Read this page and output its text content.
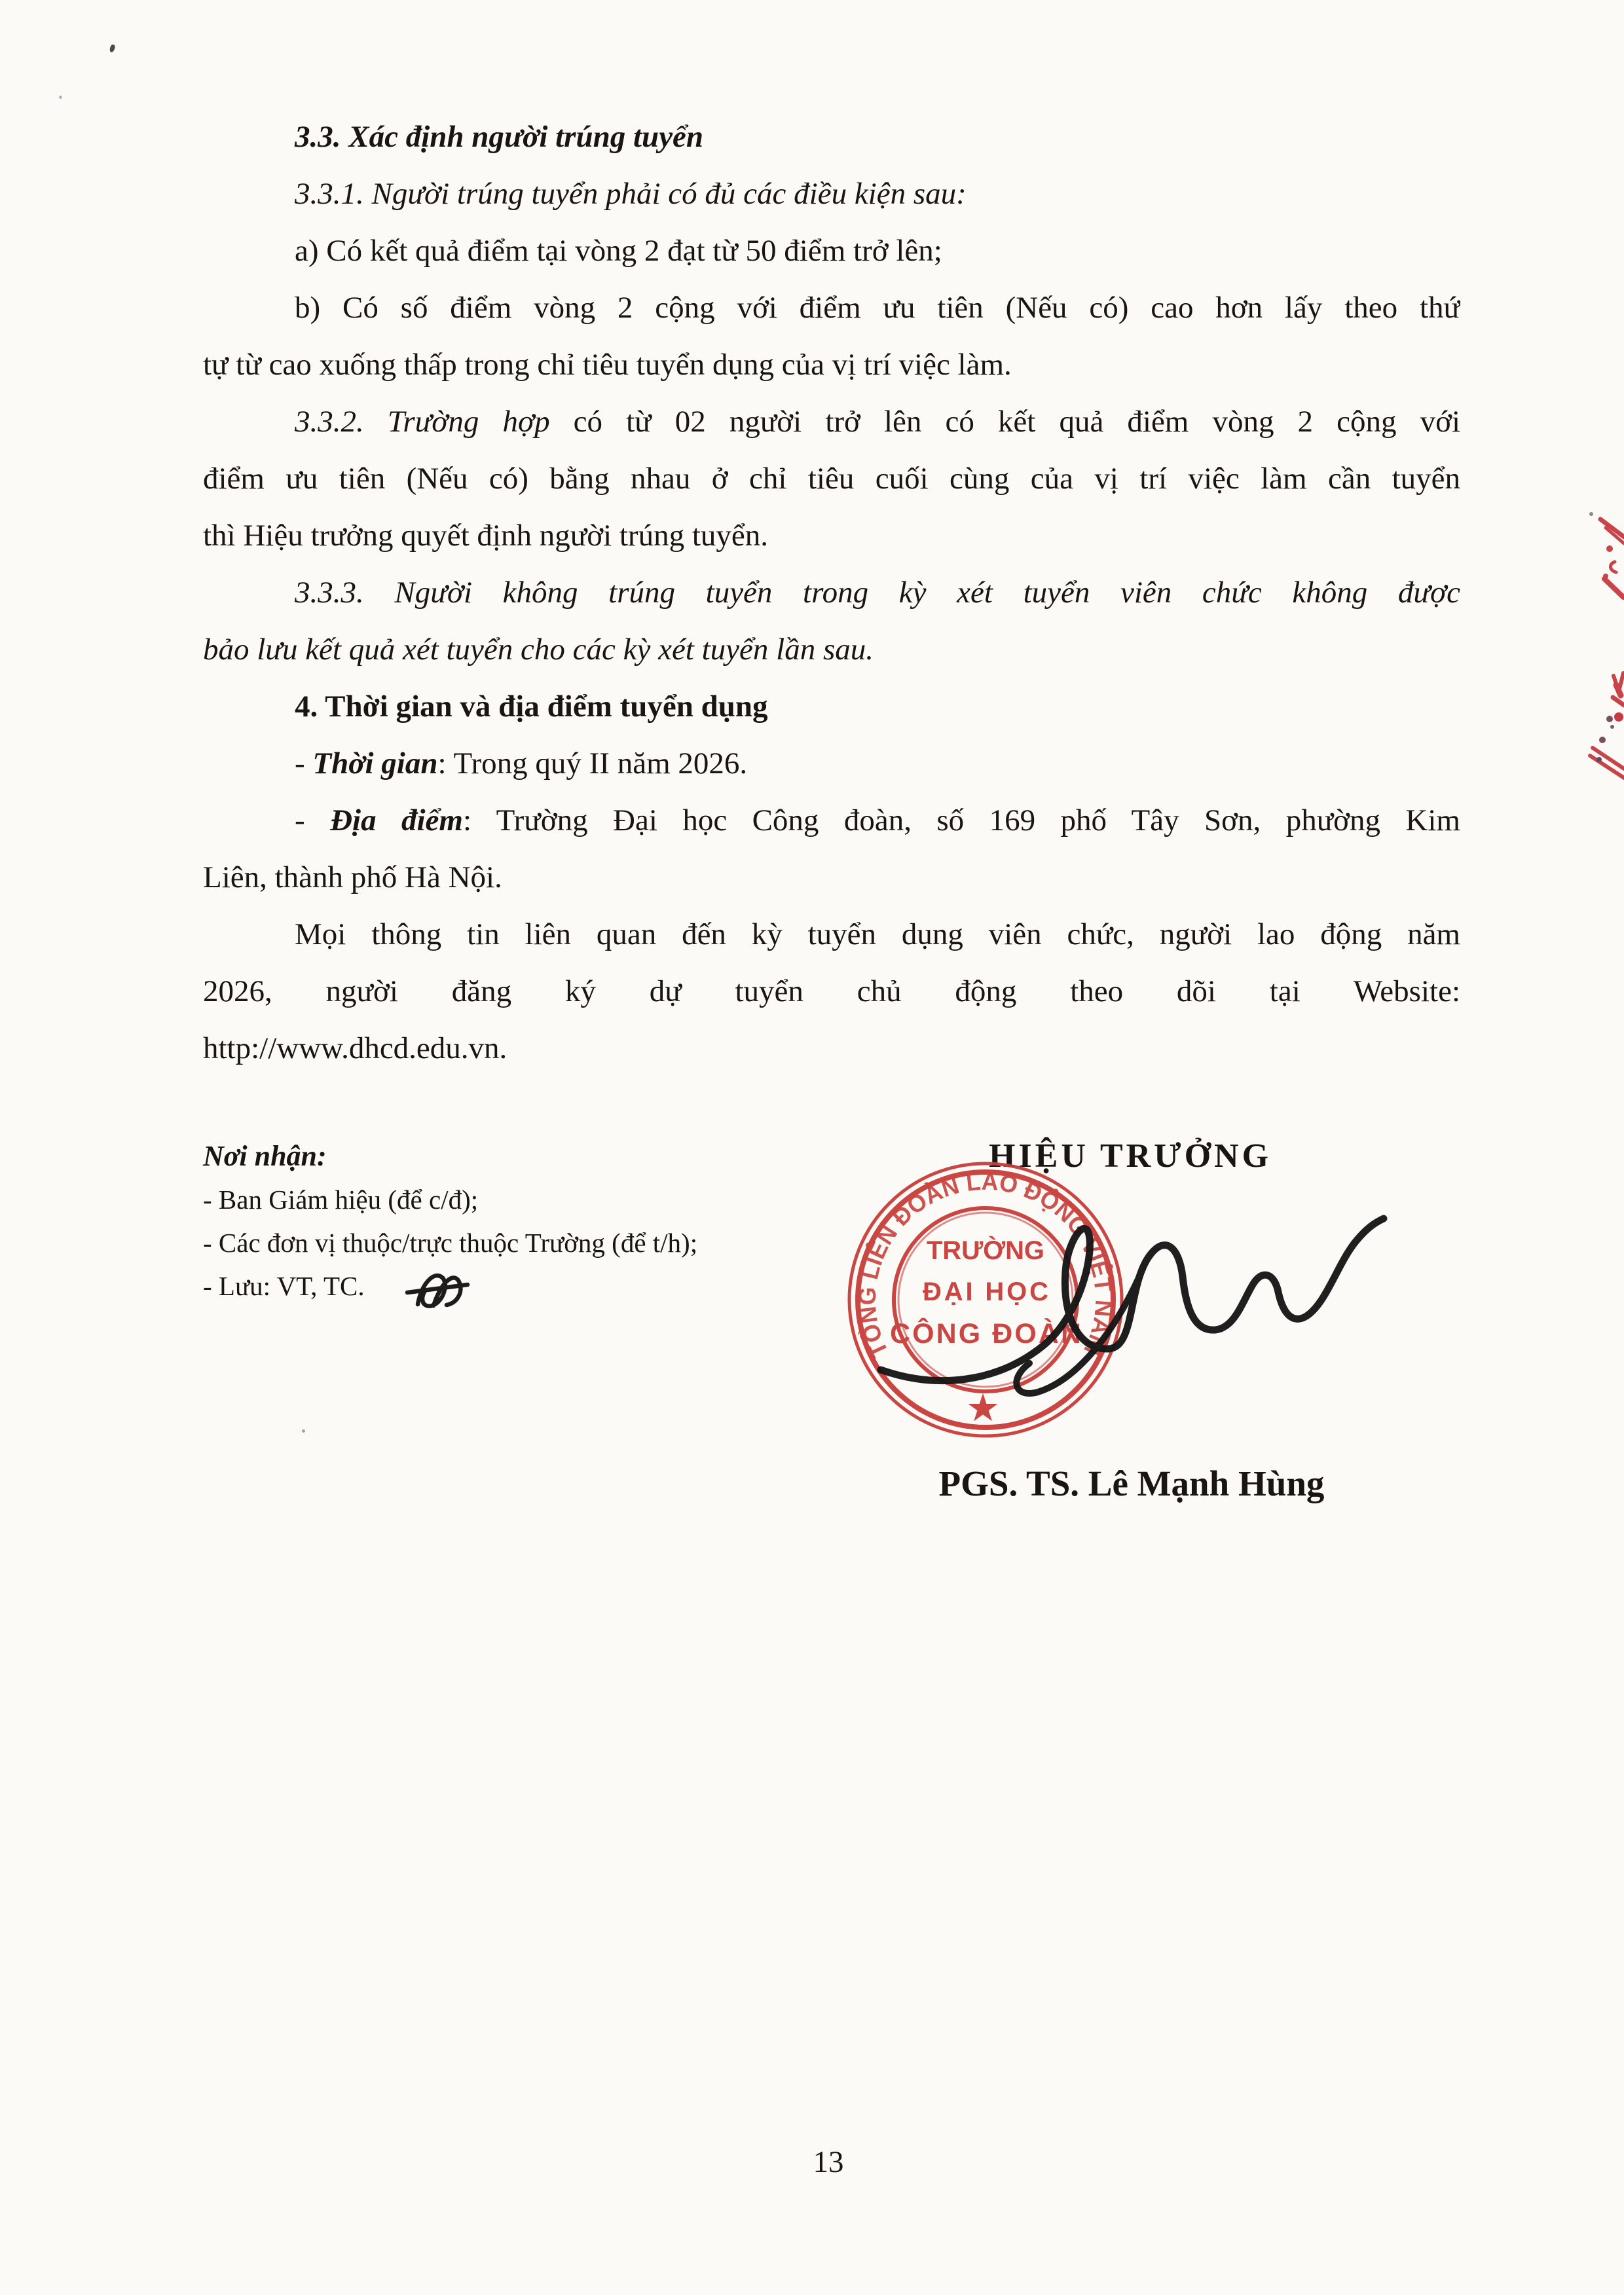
3.3. Xác định người trúng tuyển
3.3.1. Người trúng tuyển phải có đủ các điều kiện sau:
a) Có kết quả điểm tại vòng 2 đạt từ 50 điểm trở lên;
b) Có số điểm vòng 2 cộng với điểm ưu tiên (Nếu có) cao hơn lấy theo thứ
tự từ cao xuống thấp trong chỉ tiêu tuyển dụng của vị trí việc làm.
3.3.2. Trường hợp có từ 02 người trở lên có kết quả điểm vòng 2 cộng với
điểm ưu tiên (Nếu có) bằng nhau ở chỉ tiêu cuối cùng của vị trí việc làm cần tuyển
thì Hiệu trưởng quyết định người trúng tuyển.
3.3.3. Người không trúng tuyển trong kỳ xét tuyển viên chức không được
bảo lưu kết quả xét tuyển cho các kỳ xét tuyển lần sau.
4. Thời gian và địa điểm tuyển dụng
- Thời gian: Trong quý II năm 2026.
- Địa điểm: Trường Đại học Công đoàn, số 169 phố Tây Sơn, phường Kim
Liên, thành phố Hà Nội.
Mọi thông tin liên quan đến kỳ tuyển dụng viên chức, người lao động năm
2026, người đăng ký dự tuyển chủ động theo dõi tại Website:
http://www.dhcd.edu.vn.
Nơi nhận:
- Ban Giám hiệu (để c/đ);
- Các đơn vị thuộc/trực thuộc Trường (để t/h);
- Lưu: VT, TC.
HIỆU TRƯỞNG
TỔNG LIÊN ĐOÀN LAO ĐỘNG VIỆT NAM
TRƯỜNG
ĐẠI HỌC
CÔNG ĐOÀN
★
PGS. TS. Lê Mạnh Hùng
13
